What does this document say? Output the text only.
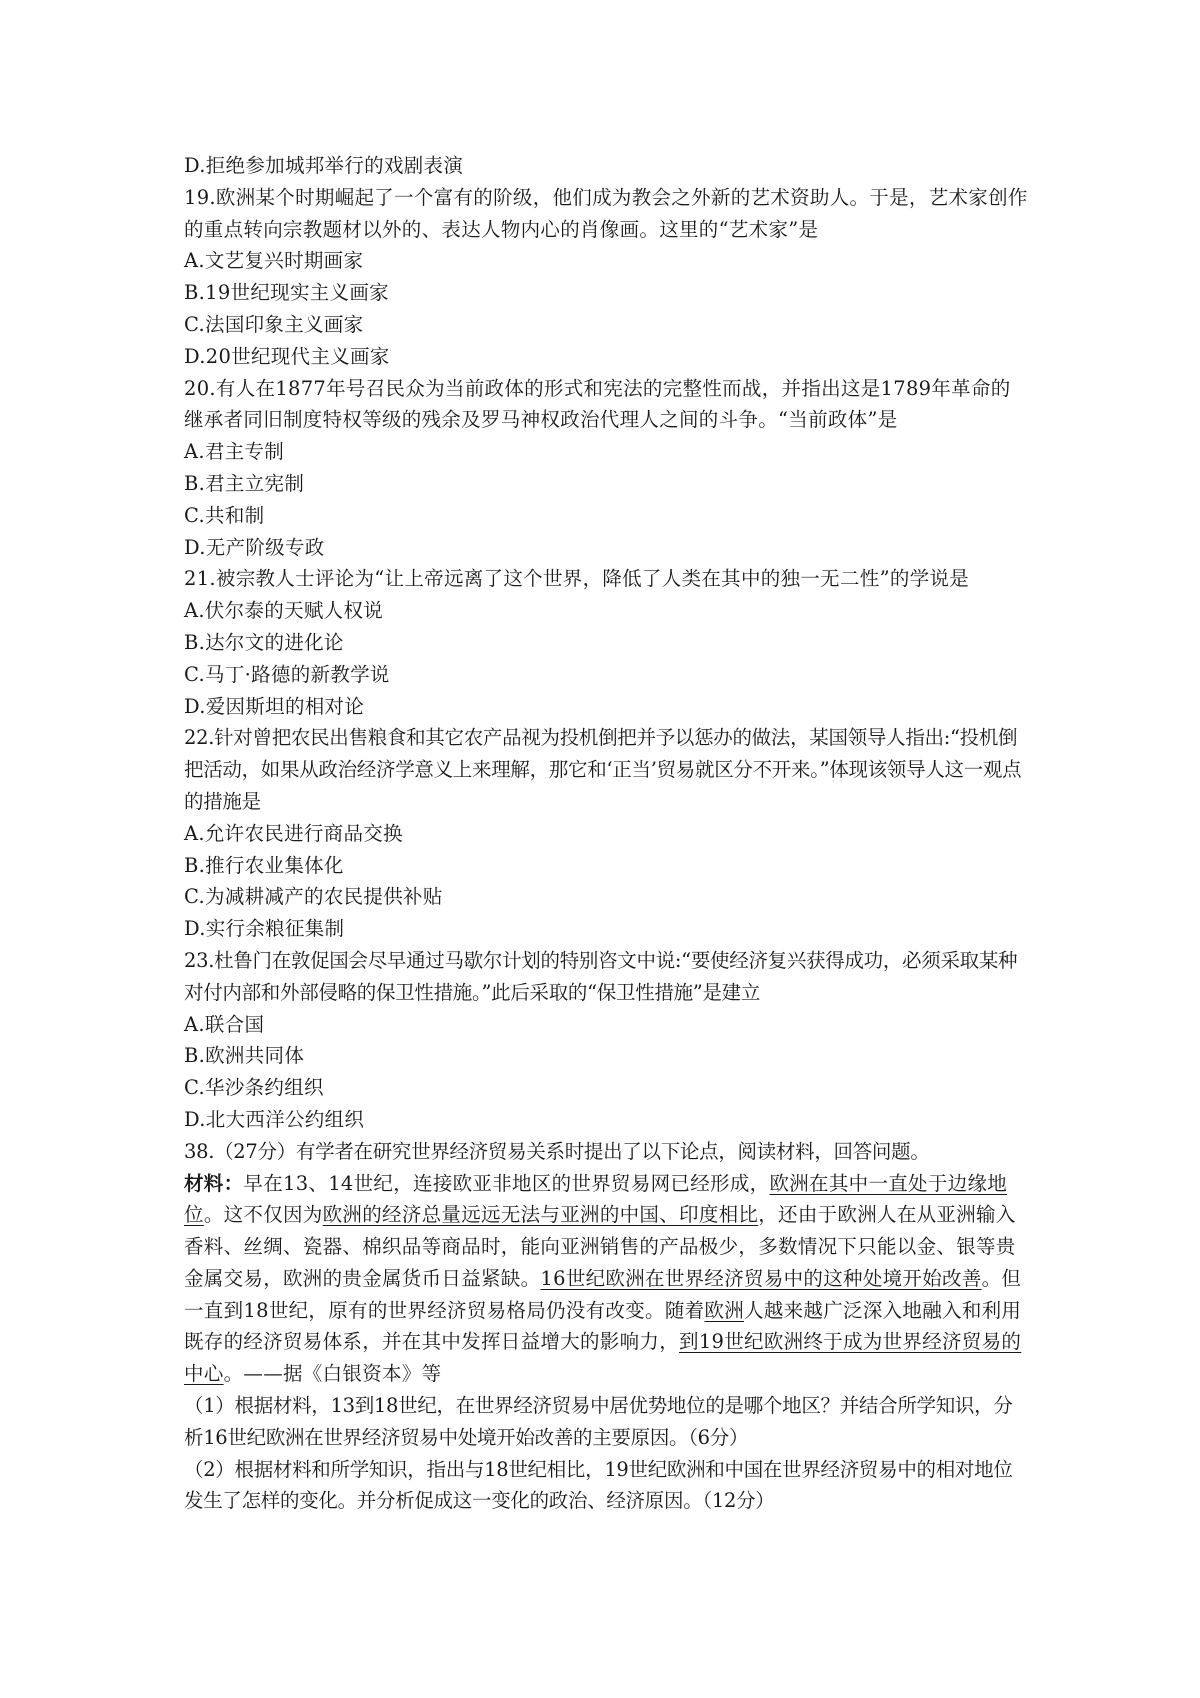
D.拒绝参加城邦举行的戏剧表演

19.欧洲某个时期崛起了一个富有的阶级，他们成为教会之外新的艺术资助人。于是，艺术家创作的重点转向宗教题材以外的、表达人物内心的肖像画。这里的“艺术家”是

A.文艺复兴时期画家

B.19世纪现实主义画家

C.法国印象主义画家

D.20世纪现代主义画家

20.有人在1877年号召民众为当前政体的形式和宪法的完整性而战，并指出这是1789年革命的继承者同旧制度特权等级的残余及罗马神权政治代理人之间的斗争。“当前政体”是

A.君主专制

B.君主立宪制

C.共和制

D.无产阶级专政

21.被宗教人士评论为“让上帝远离了这个世界，降低了人类在其中的独一无二性”的学说是

A.伏尔泰的天赋人权说

B.达尔文的进化论

C.马丁·路德的新教学说

D.爱因斯坦的相对论

22.针对曾把农民出售粮食和其它农产品视为投机倒把并予以惩办的做法，某国领导人指出:“投机倒把活动，如果从政治经济学意义上来理解，那它和‘正当’贸易就区分不开来。”体现该领导人这一观点的措施是

A.允许农民进行商品交换

B.推行农业集体化

C.为减耕减产的农民提供补贴

D.实行余粮征集制

23.杜鲁门在敦促国会尽早通过马歇尔计划的特别咨文中说:“要使经济复兴获得成功，必须采取某种对付内部和外部侵略的保卫性措施。”此后采取的“保卫性措施”是建立

A.联合国

B.欧洲共同体

C.华沙条约组织

D.北大西洋公约组织

38.（27分）有学者在研究世界经济贸易关系时提出了以下论点，阅读材料，回答问题。

材料：早在13、14世纪，连接欧亚非地区的世界贸易网已经形成，欧洲在其中一直处于边缘地位。这不仅因为欧洲的经济总量远远无法与亚洲的中国、印度相比，还由于欧洲人在从亚洲输入香料、丝绸、瓷器、棉织品等商品时，能向亚洲销售的产品极少，多数情况下只能以金、银等贵金属交易，欧洲的贵金属货币日益紧缺。16世纪欧洲在世界经济贸易中的这种处境开始改善。但一直到18世纪，原有的世界经济贸易格局仍没有改变。随着欧洲人越来越广泛深入地融入和利用既存的经济贸易体系，并在其中发挥日益增大的影响力，到19世纪欧洲终于成为世界经济贸易的中心。——据《白银资本》等

（1）根据材料，13到18世纪，在世界经济贸易中居优势地位的是哪个地区？并结合所学知识，分析16世纪欧洲在世界经济贸易中处境开始改善的主要原因。（6分）

（2）根据材料和所学知识，指出与18世纪相比，19世纪欧洲和中国在世界经济贸易中的相对地位发生了怎样的变化。并分析促成这一变化的政治、经济原因。（12分）
